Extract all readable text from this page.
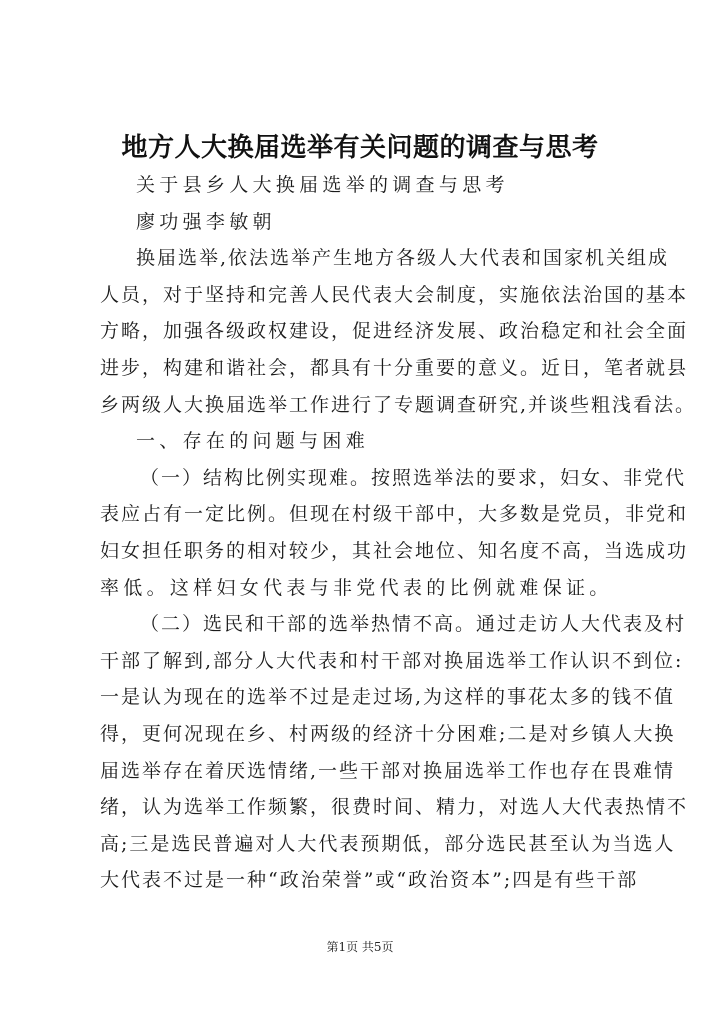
地方人大换届选举有关问题的调查与思考
关于县乡人大换届选举的调查与思考
廖功强李敏朝
换届选举,依法选举产生地方各级人大代表和国家机关组成
人员，对于坚持和完善人民代表大会制度，实施依法治国的基本
方略，加强各级政权建设，促进经济发展、政治稳定和社会全面
进步，构建和谐社会，都具有十分重要的意义。近日，笔者就县
乡两级人大换届选举工作进行了专题调查研究,并谈些粗浅看法。
一、存在的问题与困难
（一）结构比例实现难。按照选举法的要求，妇女、非党代
表应占有一定比例。但现在村级干部中，大多数是党员，非党和
妇女担任职务的相对较少，其社会地位、知名度不高，当选成功
率低。这样妇女代表与非党代表的比例就难保证。
（二）选民和干部的选举热情不高。通过走访人大代表及村
干部了解到,部分人大代表和村干部对换届选举工作认识不到位:
一是认为现在的选举不过是走过场,为这样的事花太多的钱不值
得，更何况现在乡、村两级的经济十分困难;二是对乡镇人大换
届选举存在着厌选情绪,一些干部对换届选举工作也存在畏难情
绪，认为选举工作频繁，很费时间、精力，对选人大代表热情不
高;三是选民普遍对人大代表预期低，部分选民甚至认为当选人
大代表不过是一种“政治荣誉”或“政治资本”;四是有些干部
第1页 共5页
